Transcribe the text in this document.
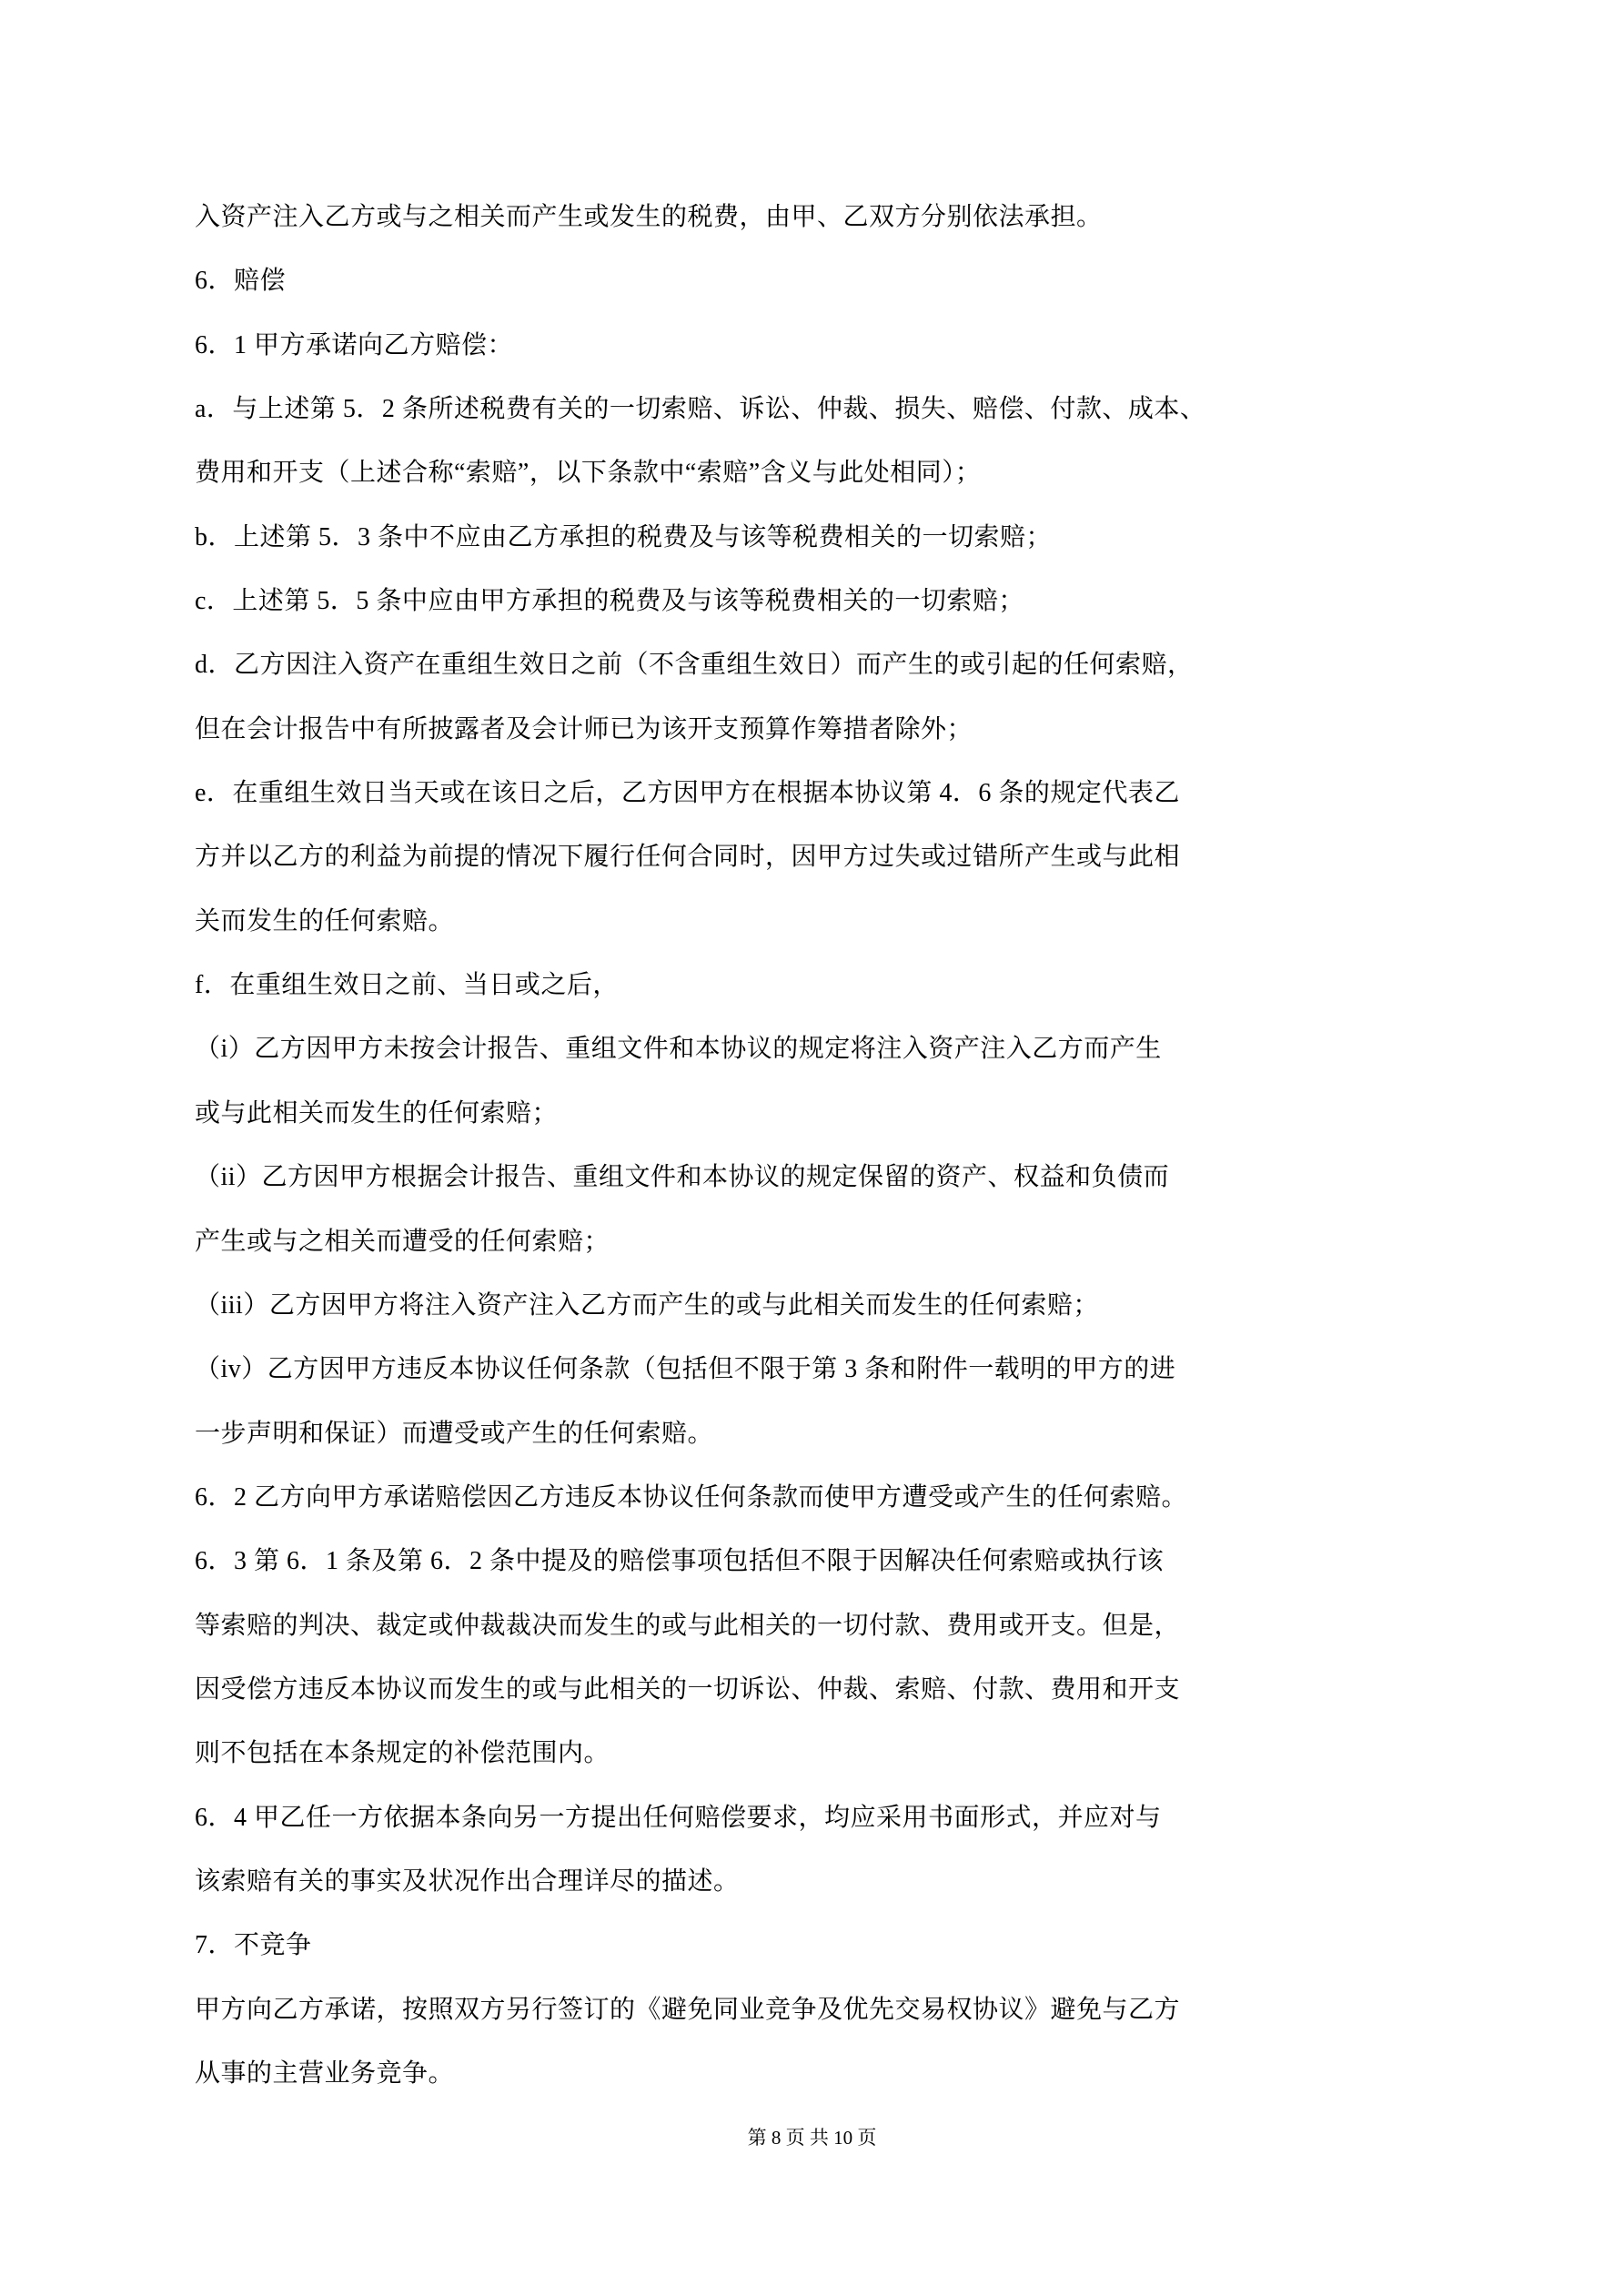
入资产注入乙方或与之相关而产生或发生的税费，由甲、乙双方分别依法承担。
6．赔偿
6．1 甲方承诺向乙方赔偿：
a．与上述第 5．2 条所述税费有关的一切索赔、诉讼、仲裁、损失、赔偿、付款、成本、
费用和开支（上述合称“索赔”，以下条款中“索赔”含义与此处相同）；
b．上述第 5．3 条中不应由乙方承担的税费及与该等税费相关的一切索赔；
c．上述第 5．5 条中应由甲方承担的税费及与该等税费相关的一切索赔；
d．乙方因注入资产在重组生效日之前（不含重组生效日）而产生的或引起的任何索赔，
但在会计报告中有所披露者及会计师已为该开支预算作筹措者除外；
e．在重组生效日当天或在该日之后，乙方因甲方在根据本协议第 4．6 条的规定代表乙
方并以乙方的利益为前提的情况下履行任何合同时，因甲方过失或过错所产生或与此相
关而发生的任何索赔。
f．在重组生效日之前、当日或之后，
（i）乙方因甲方未按会计报告、重组文件和本协议的规定将注入资产注入乙方而产生
或与此相关而发生的任何索赔；
（ii）乙方因甲方根据会计报告、重组文件和本协议的规定保留的资产、权益和负债而
产生或与之相关而遭受的任何索赔；
（iii）乙方因甲方将注入资产注入乙方而产生的或与此相关而发生的任何索赔；
（iv）乙方因甲方违反本协议任何条款（包括但不限于第 3 条和附件一载明的甲方的进
一步声明和保证）而遭受或产生的任何索赔。
6．2 乙方向甲方承诺赔偿因乙方违反本协议任何条款而使甲方遭受或产生的任何索赔。
6．3 第 6．1 条及第 6．2 条中提及的赔偿事项包括但不限于因解决任何索赔或执行该
等索赔的判决、裁定或仲裁裁决而发生的或与此相关的一切付款、费用或开支。但是，
因受偿方违反本协议而发生的或与此相关的一切诉讼、仲裁、索赔、付款、费用和开支
则不包括在本条规定的补偿范围内。
6．4 甲乙任一方依据本条向另一方提出任何赔偿要求，均应采用书面形式，并应对与
该索赔有关的事实及状况作出合理详尽的描述。
7．不竞争
甲方向乙方承诺，按照双方另行签订的《避免同业竞争及优先交易权协议》避免与乙方
从事的主营业务竞争。
第 8 页 共 10 页
